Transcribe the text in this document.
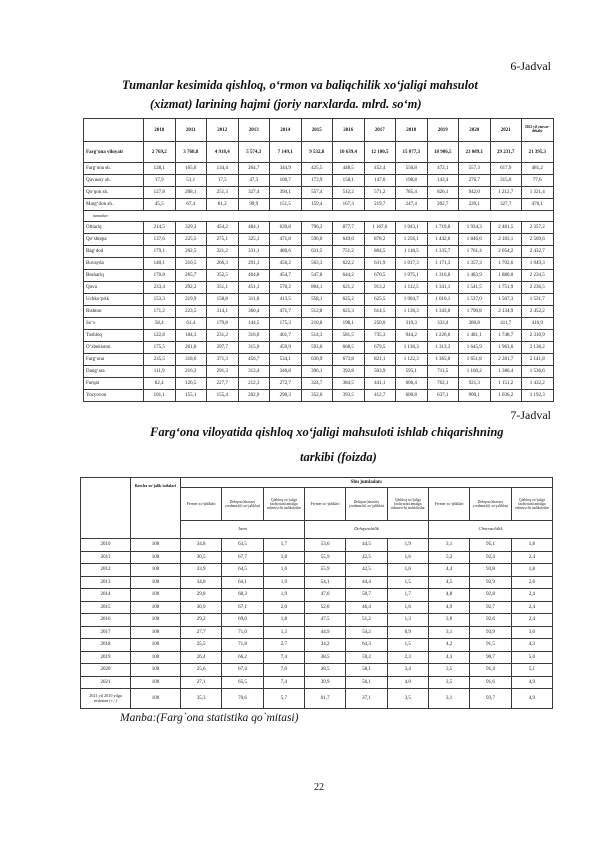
6-Jadval
Tumanlar kesimida qishloq, o‘rmon va baliqchilik xo‘jaligi mahsulot
(xizmat) larining hajmi (joriy narxlarda. mlrd. so‘m)
	2010	2011	2012	2013	2014	2015	2016	2017	2018	2019	2020	2021	2022 yil yanvar- dekabr
Farg‘ona viloyati	2 769,2	3 768,8	4 918,4	5 574,3	7 149,1	9 532,8	10 639,4	12 100,5	15 077,3	18 906,5	23 089,1	29 231,7	21 395,3
Farg‘ona sh.	128,1	165,0	134,4	264,7	344,9	425,5	448,5	452,4	550,8	472,1	557,3	617,9	481,2
Quvasoy sh.	17,9	51,1	17,5	47,3	106,7	173,9	158,1	147,6	198,8	143,4	276,7	315,0	77,6
Qo‘qon sh.	127,8	208,1	251,3	327,4	394,1	557,4	512,2	571,2	785,4	826,1	942,0	1 212,7	1 321,4
Marg‘ilon sh.	45,5	67,4	81,2	99,9	151,5	159,4	167,3	219,7	247,4	202,7	239,1	327,7	476,1
tumanlar:													
Oltiariq	214,5	329,3	454,2	484,1	639,8	796,3	877,7	1 167,6	1 043,1	1 719,0	1 934,3	2 481,5	2 357,2
Qo‘shtepa	137,6	225,5	275,1	325,1	471,8	596,0	649,0	878,2	1 256,1	1 442,6	1 846,6	2 183,1	2 569,6
Bag‘dod	179,1	262,5	321,2	331,1	480,6	631,5	751,2	804,5	1 118,5	1 335,7	1 761,4	2 054,2	2 432,7
Buvayda	140,1	210,5	266,3	291,1	456,2	563,3	622,2	631,9	1 017,3	1 171,3	1 357,3	1 702,6	1 949,3
Beshariq	170,8	265,7	352,5	404,8	454,7	547,8	644,2	670,5	1 075,1	1 316,0	1 483,9	1 880,0	2 234,5
Quva	233,4	292,2	351,1	451,1	570,2	804,1	621,2	913,2	1 112,5	1 341,1	1 541,5	1 751,9	2 236,5
Uchko‘prik	153,3	219,9	158,8	311,0	413,5	558,1	625,2	625,5	1 004,7	1 010,1	1 537,0	1 507,3	1 531,7
Rishton	171,2	223,5	314,1	360,4	471,7	512,8	625,3	614,5	1 136,3	1 343,0	1 790,8	2 134,9	2 452,2
So‘x	58,4	61,4	179,8	144,5	175,3	210,8	198,1	250,0	319,3	333,4	380,8	411,7	416,9
Toshloq	122,8	184,3	231,2	316,0	401,7	514,3	581,5	735,3	944,2	1 226,6	1 481,1	1 748,7	2 310,9
O‘zbekiston	175,5	261,8	297,7	315,9	459,9	593,0	668,5	679,5	1 136,3	1 313,3	1 645,9	1 963,6	2 138,2
Farg‘ona	235,5	318,6	371,3	456,7	534,1	630,9	673,8	821,1	1 122,3	1 365,0	1 651,8	2 281,7	2 141,8
Dang‘ara	111,9	216,3	291,3	312,4	346,8	396,1	392,8	503,9	595,1	711,5	1 160,2	1 386,4	1 536,6
Furqat	82,4	126,5	227,7	212,3	272,7	324,7	384,5	441,1	606,4	762,1	921,3	1 151,2	1 432,2
Yozyovon	101,1	155,1	155,4	202,9	290,3	352,0	393,5	412,7	600,8	637,1	900,1	1 036,2	1 192,3
7-Jadval
Farg‘ona viloyatida qishloq xo‘jaligi mahsuloti ishlab chiqarishning
tarkibi (foizda)
	Barcha xo‘jalik toifalari	Shu jumladan:								
		Fermer xo‘jaliklari	Dehqon (shaxsiy yordamchi) xo‘jaliklari	Qishloq xo‘jaligi faoliyatini amalga oshiruvchi tashkilotlar	Fermer xo‘jaliklari	Dehqon (shaxsiy yordamchi) xo‘jaliklari	Qishloq xo‘jaligi faoliyatini amalga oshiruvchi tashkilotlar	Fermer xo‘jaliklari	Dehqon (shaxsiy yordamchi) xo‘jaliklari	Qishloq xo‘jaligi faoliyatini amalga oshiruvchi tashkilotlar
		Jami			Dehqonchilik			Chorvachilik		
2010	100	34,8	63,5	1,7	53,6	44,5	1,9	3,1	95,1	1,8
2011	100	30,5	67,7	1,8	55,9	42,5	1,6	5,2	92,4	2,4
2012	100	33,9	64,5	1,6	55,9	42,5	1,6	4,4	93,8	1,8
2013	100	34,0	64,1	1,9	54,1	44,4	1,5	4,5	92,9	2,6
2014	100	29,8	68,3	1,9	47,6	50,7	1,7	4,8	92,8	2,4
2015	100	30,9	67,1	2,0	52,0	46,4	1,6	4,9	92,7	2,4
2016	100	29,2	69,0	1,8	47,5	51,2	1,3	3,0	92,6	2,4
2017	100	27,7	71,0	1,3	44,9	54,2	0,9	3,1	93,9	3,0
2018	100	25,5	71,8	2,7	34,2	64,3	1,5	4,2	91,5	4,3
2019	100	26,4	66,2	7,4	38,5	59,2	2,3	4,3	90,7	5,0
2020	100	25,6	67,4	7,0	38,5	58,1	3,4	3,5	91,4	5,1
2021	100	27,1	65,5	7,4	39,9	56,1	4,0	3,5	91,6	4,9
2021 yil 2010 yilga nisbatan (+,-)	100	35,3	70,6	5,7	61,7	37,1	3,5	3,1	93,7	4,9
Manba:(Farg`ona statistika qo`mitasi)
22
